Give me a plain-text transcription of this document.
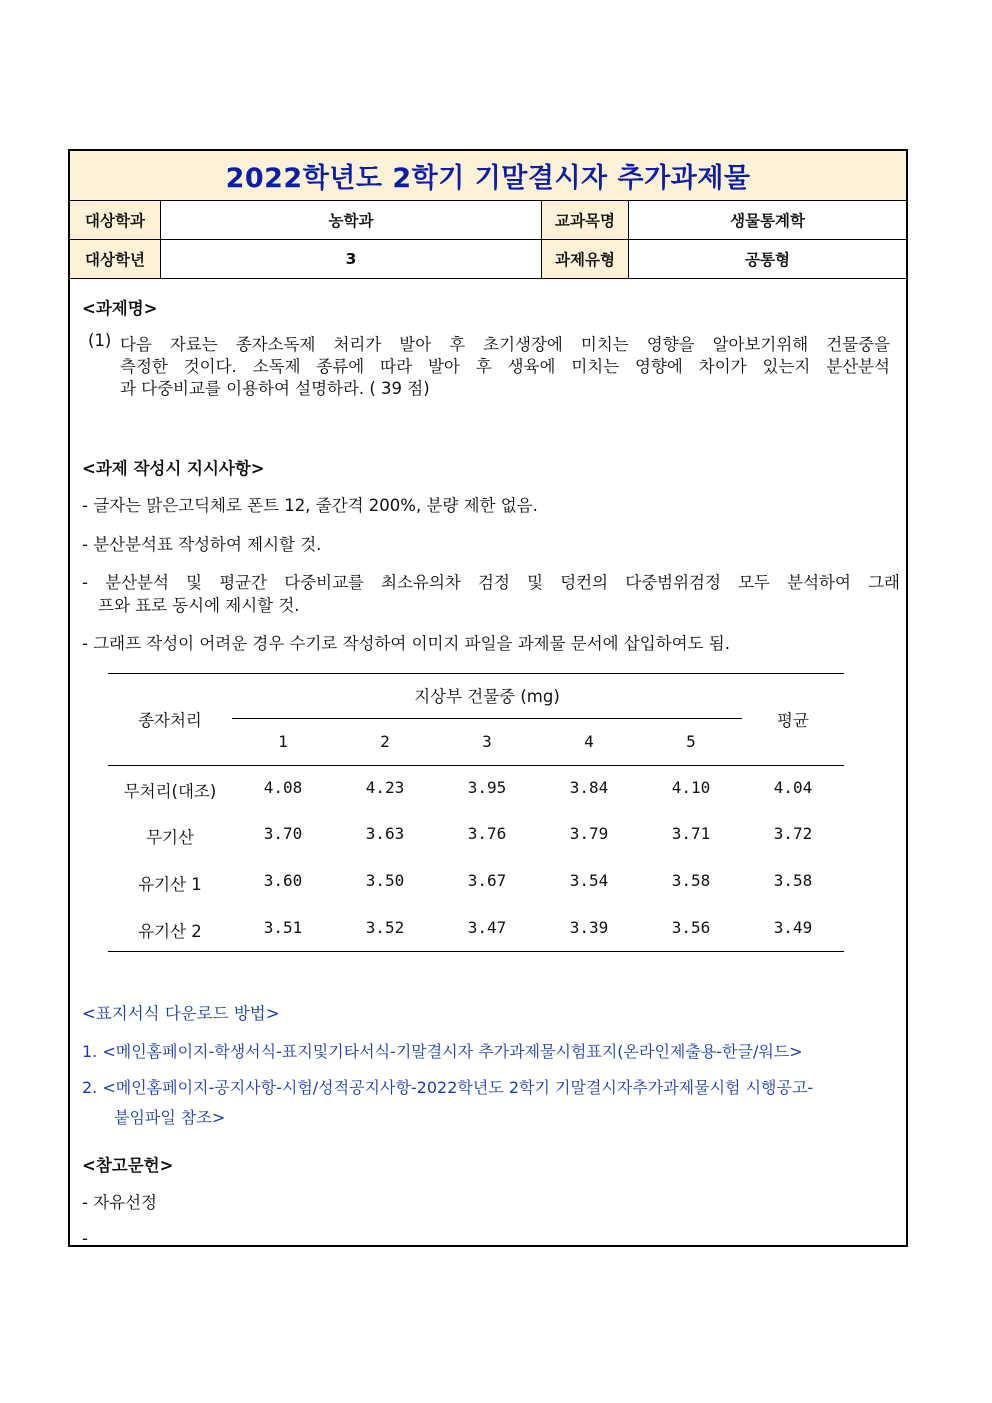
2022학년도 2학기 기말결시자 추가과제물
대상학과	농학과	교과목명	생물통계학
대상학년	3	과제유형	공통형
<과제명>
(1) 다음 자료는 종자소독제 처리가 발아 후 초기생장에 미치는 영향을 알아보기위해 건물중을
측정한 것이다. 소독제 종류에 따라 발아 후 생육에 미치는 영향에 차이가 있는지 분산분석
과 다중비교를 이용하여 설명하라. ( 39 점)
<과제 작성시 지시사항>
- 글자는 맑은고딕체로 폰트 12, 줄간격 200%, 분량 제한 없음.
- 분산분석표 작성하여 제시할 것.
- 분산분석 및 평균간 다중비교를 최소유의차 검정 및 덩컨의 다중범위검정 모두 분석하여 그래
프와 표로 동시에 제시할 것.
- 그래프 작성이 어려운 경우 수기로 작성하여 이미지 파일을 과제물 문서에 삽입하여도 됨.
종자처리
지상부 건물중 (mg)
평균
1	2	3	4	5
무처리(대조)	4.08	4.23	3.95	3.84	4.10	4.04
무기산	3.70	3.63	3.76	3.79	3.71	3.72
유기산 1	3.60	3.50	3.67	3.54	3.58	3.58
유기산 2	3.51	3.52	3.47	3.39	3.56	3.49
<표지서식 다운로드 방법>
1. <메인홈페이지-학생서식-표지및기타서식-기말결시자 추가과제물시험표지(온라인제출용-한글/워드>
2. <메인홈페이지-공지사항-시험/성적공지사항-2022학년도 2학기 기말결시자추가과제물시험 시행공고-
붙임파일 참조>
<참고문헌>
- 자유선정
-
